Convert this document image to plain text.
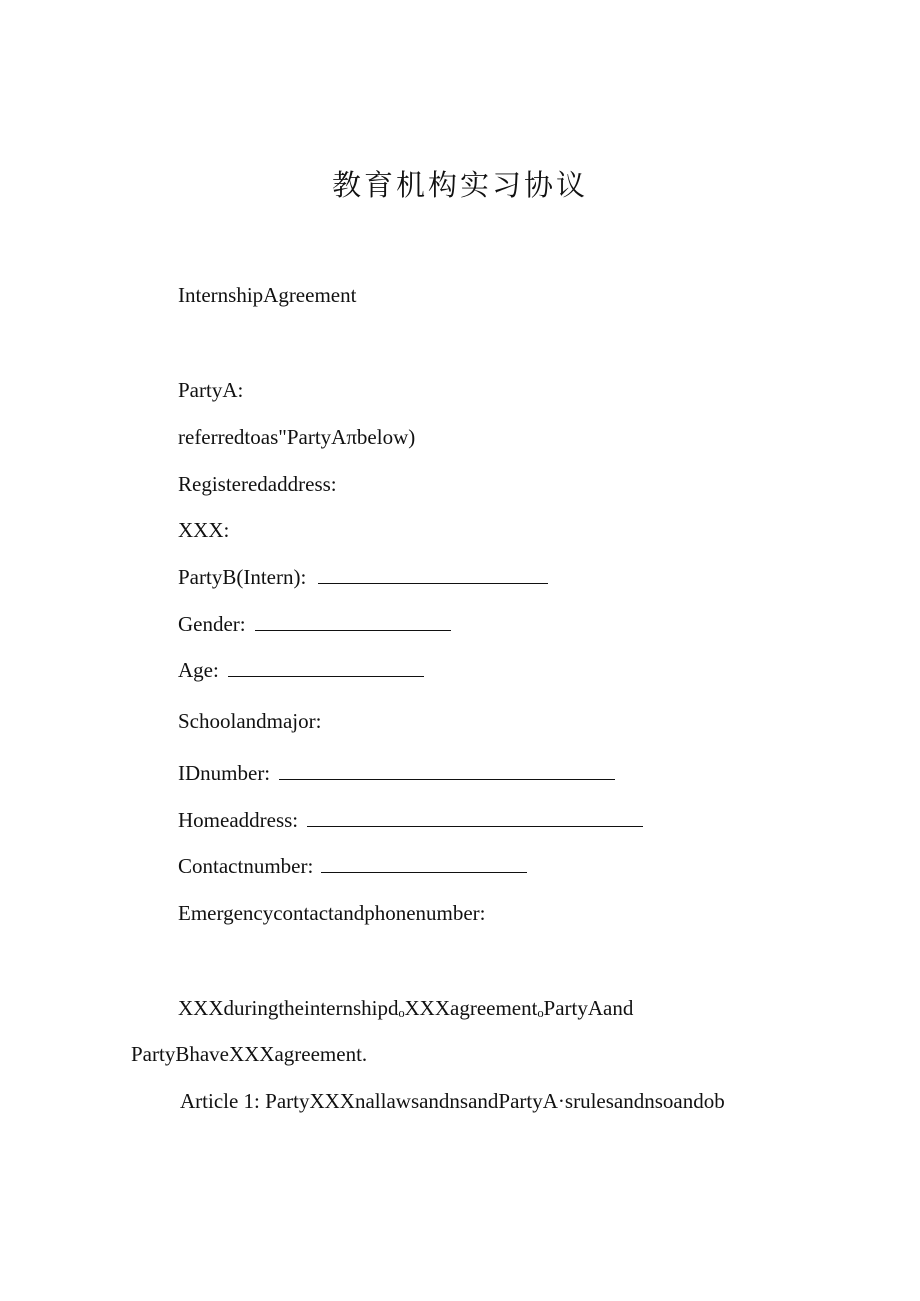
教育机构实习协议
InternshipAgreement
PartyA:
referredtoas"PartyAπbelow)
Registeredaddress:
XXX:
PartyB(Intern):
Gender:
Age:
Schoolandmajor:
IDnumber:
Homeaddress:
Contactnumber:
Emergencycontactandphonenumber:
XXXduringtheinternshipdₒXXXagreementₒPartyAand
PartyBhaveXXXagreement.
Article 1: PartyXXXnallawsandnsandPartyA·srulesandnsoandob
